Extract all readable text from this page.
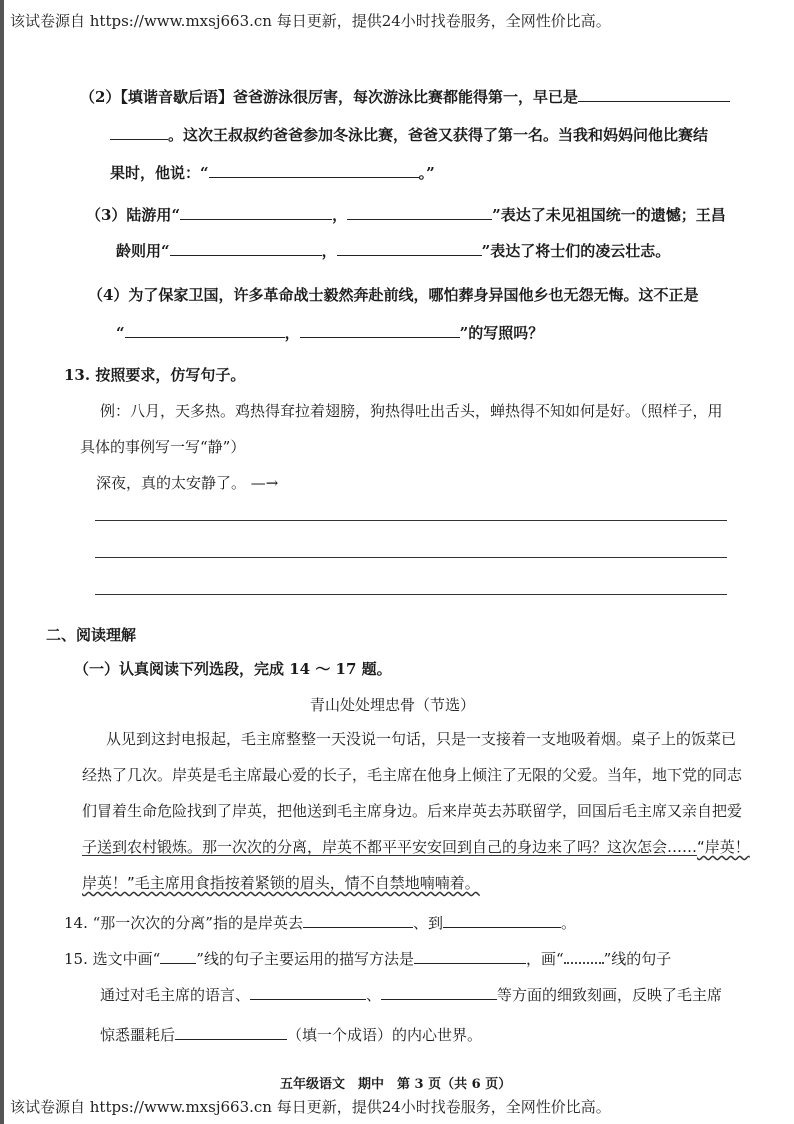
该试卷源自 https://www.mxsj663.cn 每日更新，提供24小时找卷服务，全网性价比高。
（2）【填谐音歇后语】爸爸游泳很厉害，每次游泳比赛都能得第一，早已是
。这次王叔叔约爸爸参加冬泳比赛，爸爸又获得了第一名。当我和妈妈问他比赛结
果时，他说：“	。”
（3）陆游用“	，	”表达了未见祖国统一的遗憾；王昌
龄则用“	，	”表达了将士们的凌云壮志。
（4）为了保家卫国，许多革命战士毅然奔赴前线，哪怕葬身异国他乡也无怨无悔。这不正是
“	，	”的写照吗？
13. 按照要求，仿写句子。
例：八月，天多热。鸡热得耷拉着翅膀，狗热得吐出舌头，蝉热得不知如何是好。（照样子，用
具体的事例写一写“静”）
深夜，真的太安静了。 —→
二、阅读理解
（一）认真阅读下列选段，完成 14 ～ 17 题。
青山处处埋忠骨（节选）
从见到这封电报起，毛主席整整一天没说一句话，只是一支接着一支地吸着烟。桌子上的饭菜已
经热了几次。岸英是毛主席最心爱的长子，毛主席在他身上倾注了无限的父爱。当年，地下党的同志
们冒着生命危险找到了岸英，把他送到毛主席身边。后来岸英去苏联留学，回国后毛主席又亲自把爱
子送到农村锻炼。那一次次的分离，岸英不都平平安安回到自己的身边来了吗？这次怎会……“岸英！
岸英！”毛主席用食指按着紧锁的眉头，情不自禁地喃喃着。
14. “那一次次的分离”指的是岸英去	、到	。
15. 选文中画“ ”线的句子主要运用的描写方法是	，画“	”线的句子
通过对毛主席的语言、	、	等方面的细致刻画，反映了毛主席
惊悉噩耗后	（填一个成语）的内心世界。
五年级语文　期中　第 3 页（共 6 页）
该试卷源自 https://www.mxsj663.cn 每日更新，提供24小时找卷服务，全网性价比高。
